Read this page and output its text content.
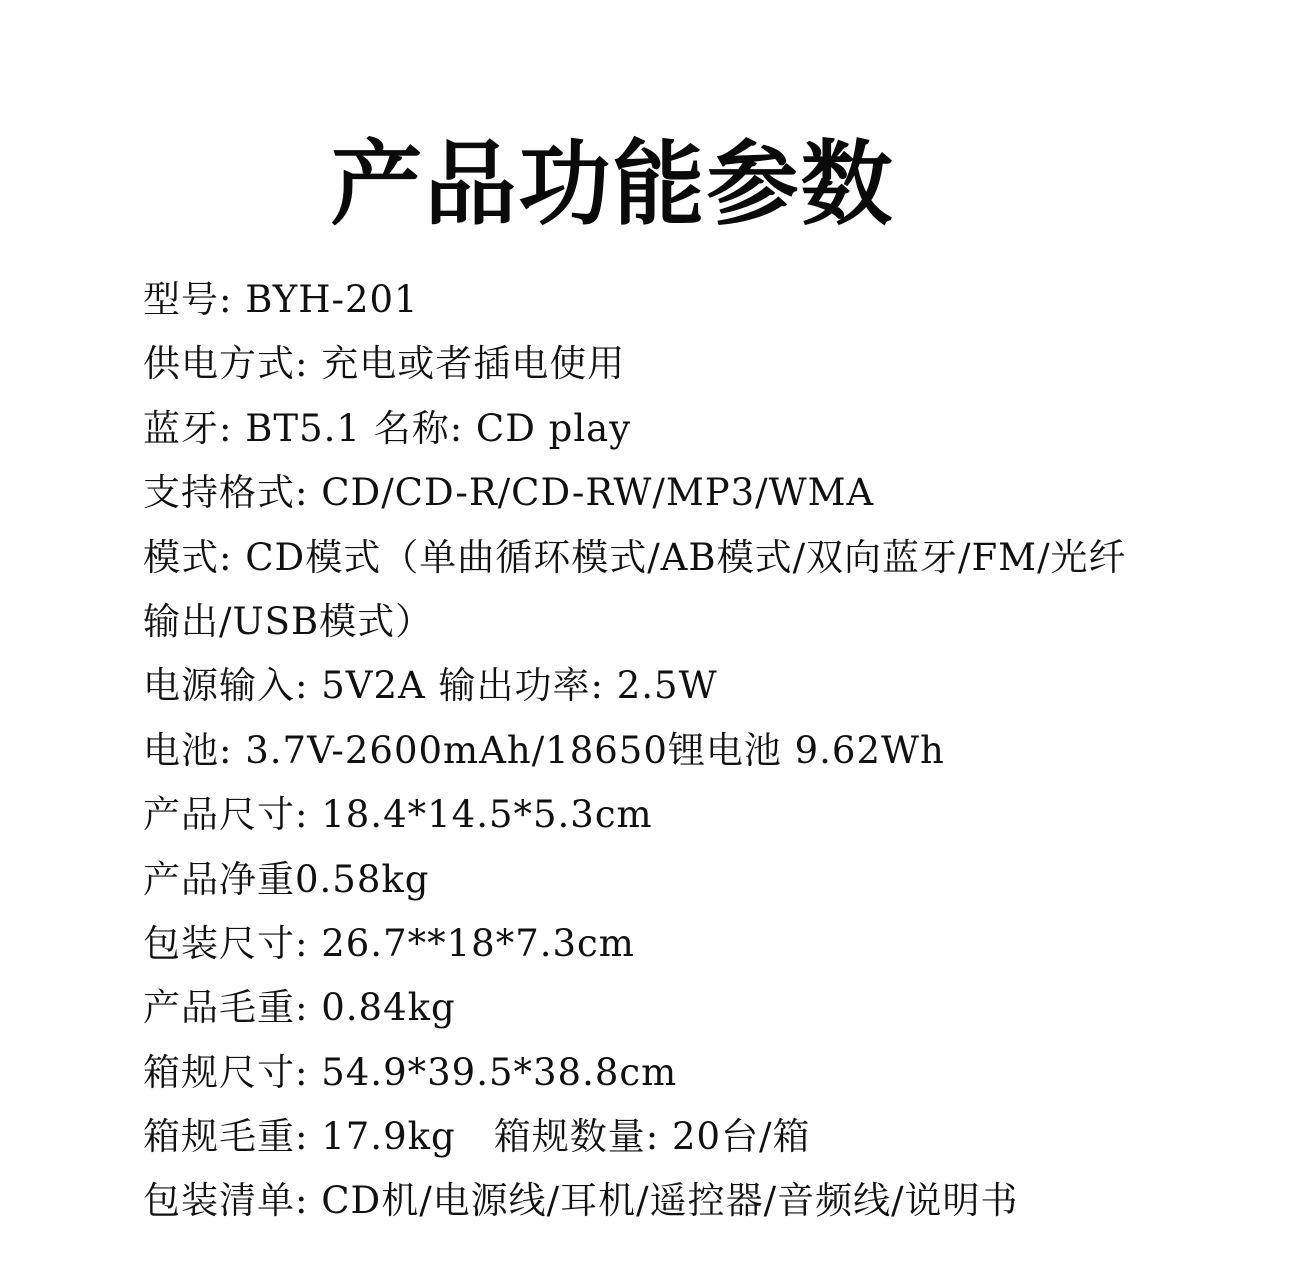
产品功能参数
型号: BYH-201
供电方式: 充电或者插电使用
蓝牙: BT5.1 名称: CD play
支持格式: CD/CD-R/CD-RW/MP3/WMA
模式: CD模式（单曲循环模式/AB模式/双向蓝牙/FM/光纤
输出/USB模式）
电源输入: 5V2A 输出功率: 2.5W
电池: 3.7V-2600mAh/18650锂电池 9.62Wh
产品尺寸: 18.4*14.5*5.3cm
产品净重0.58kg
包装尺寸: 26.7**18*7.3cm
产品毛重: 0.84kg
箱规尺寸: 54.9*39.5*38.8cm
箱规毛重: 17.9kg　箱规数量: 20台/箱
包装清单: CD机/电源线/耳机/遥控器/音频线/说明书
